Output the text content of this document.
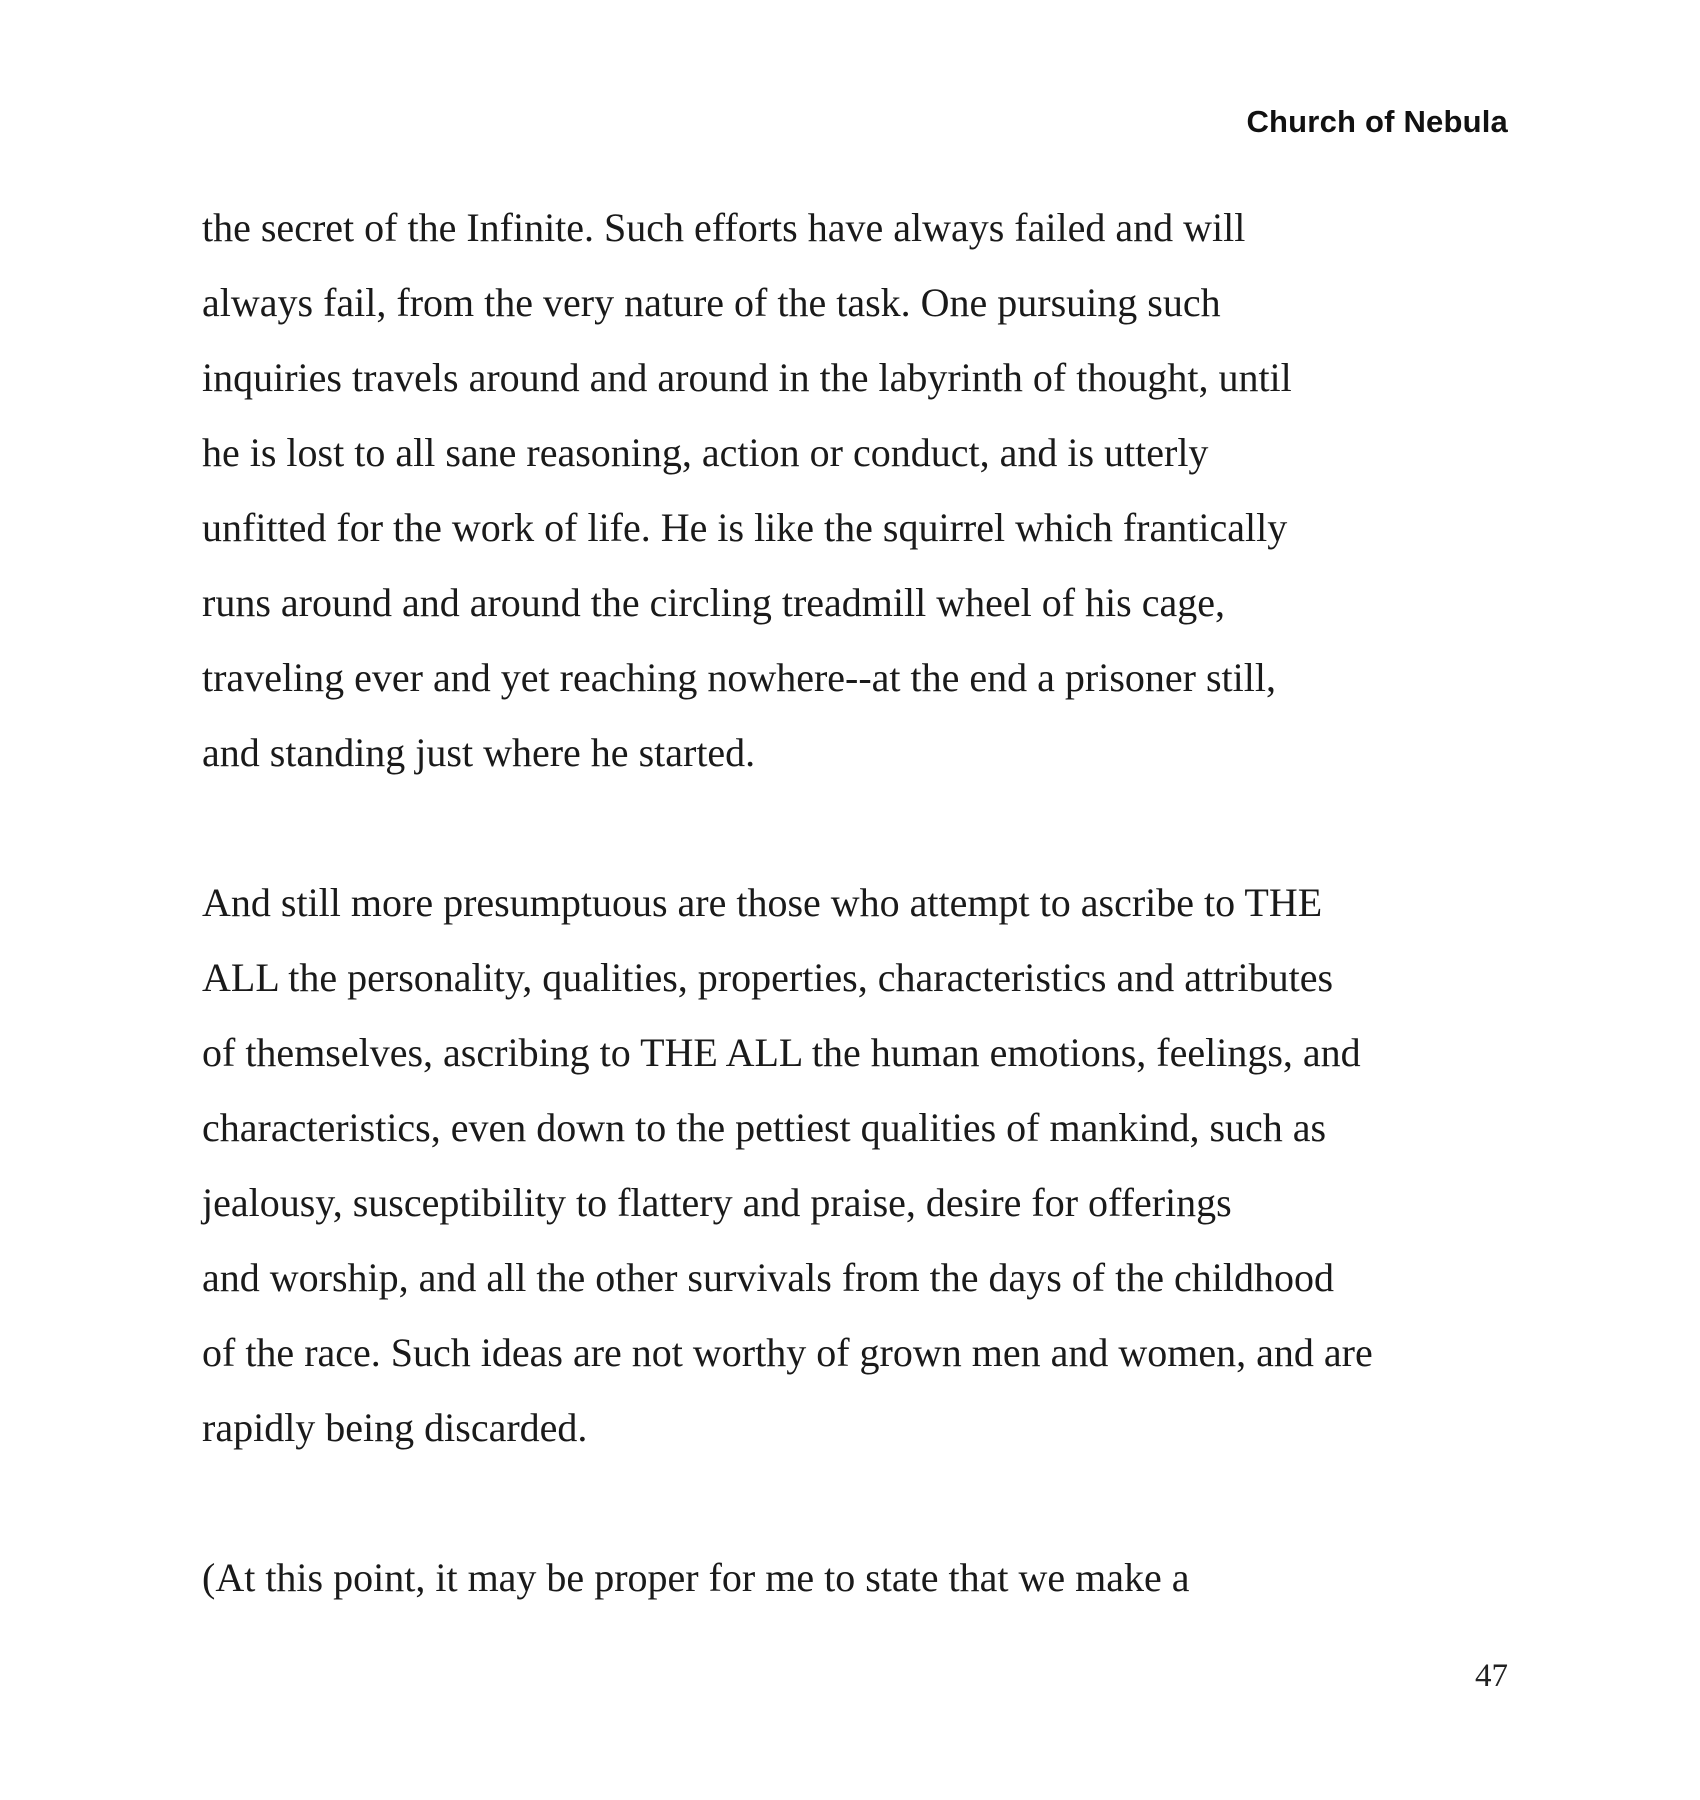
Church of Nebula
the secret of the Infinite. Such efforts have always failed and will
always fail, from the very nature of the task. One pursuing such
inquiries travels around and around in the labyrinth of thought, until
he is lost to all sane reasoning, action or conduct, and is utterly
unfitted for the work of life. He is like the squirrel which frantically
runs around and around the circling treadmill wheel of his cage,
traveling ever and yet reaching nowhere--at the end a prisoner still,
and standing just where he started.
And still more presumptuous are those who attempt to ascribe to THE
ALL the personality, qualities, properties, characteristics and attributes
of themselves, ascribing to THE ALL the human emotions, feelings, and
characteristics, even down to the pettiest qualities of mankind, such as
jealousy, susceptibility to flattery and praise, desire for offerings
and worship, and all the other survivals from the days of the childhood
of the race. Such ideas are not worthy of grown men and women, and are
rapidly being discarded.
(At this point, it may be proper for me to state that we make a
47
